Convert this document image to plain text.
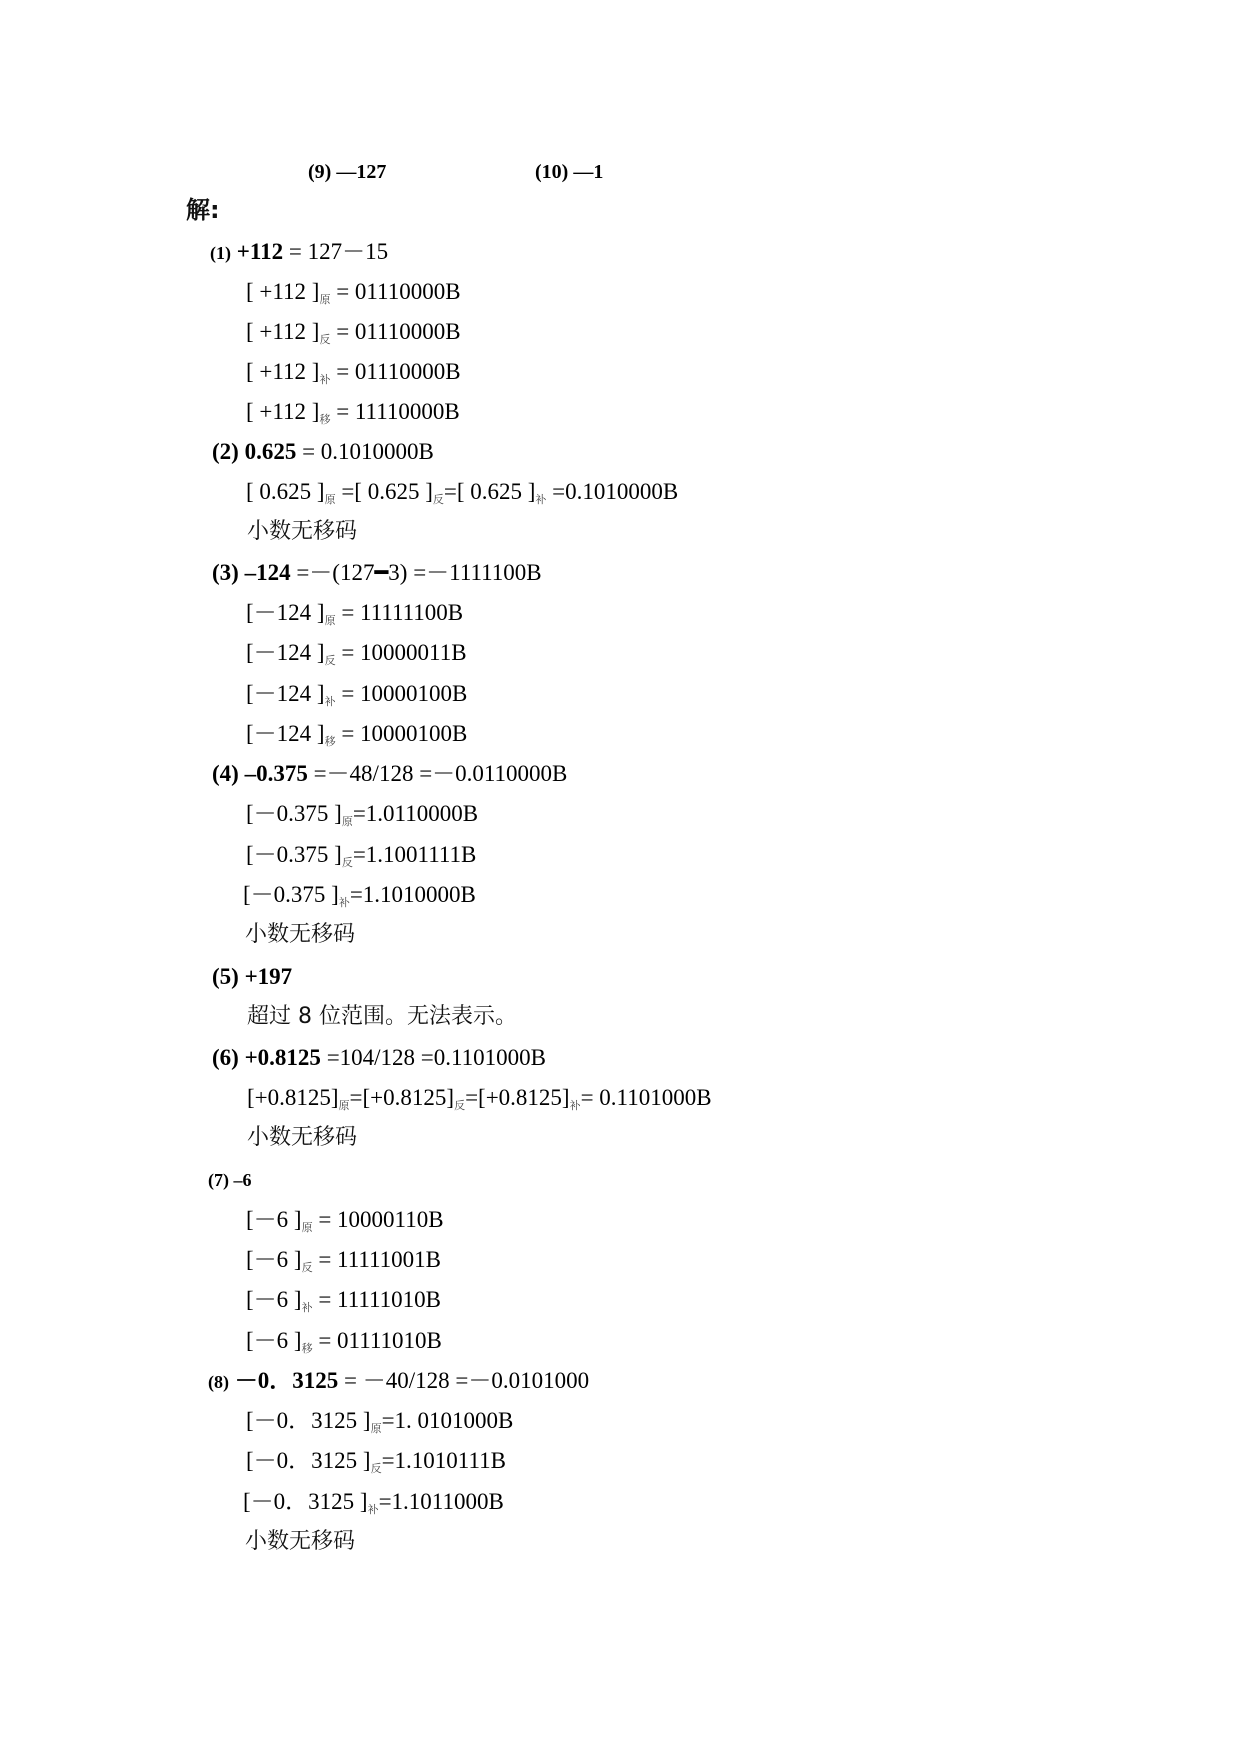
(9) —127	(10) —1
解:
(1) +112 = 127－15
[ +112 ]$_原 = 01110000B$
[ +112 ]$_反 = 01110000B$
[ +112 ]$_补 = 01110000B$
[ +112 ]$_移 = 11110000B$
(2) 0.625 = 0.1010000B
[ 0.625 ]$_原$ =[ 0.625 ]$_反=$[ 0.625 ]$_补 =0.1010000B$
小数无移码
(3) –124 =－(127━3) =－1111100B
[－124 ]$_原 = 11111100B$
[－124 ]$_反 = 10000011B$
[－124 ]$_补 = 10000100B$
[－124 ]$_移 = 10000100B$
(4) –0.375 =－48/128 =－0.0110000B
[－0.375 ]$_原=1.0110000B$
[－0.375 ]$_反=1.1001111B$
[－0.375 ]$_补=1.1010000B$
小数无移码
(5) +197
超过 8 位范围。无法表示。
(6) +0.8125 =104/128 =0.1101000B
$[+0.8125]_原=[+0.8125]_反=[+0.8125]_补= 0.1101000B$
小数无移码
(7) –6
[－6 ]$_原 = 10000110B$
[－6 ]$_反 = 11111001B$
[－6 ]$_补 = 11111010B$
[－6 ]$_移 = 01111010B$
(8) －0．3125 = －40/128 =－0.0101000
[－0．3125 ]$_原=1$. 0101000B
[－0．3125 ]$_反=1.1010111B$
[－0．3125 ]$_补=1.1011000B$
小数无移码
